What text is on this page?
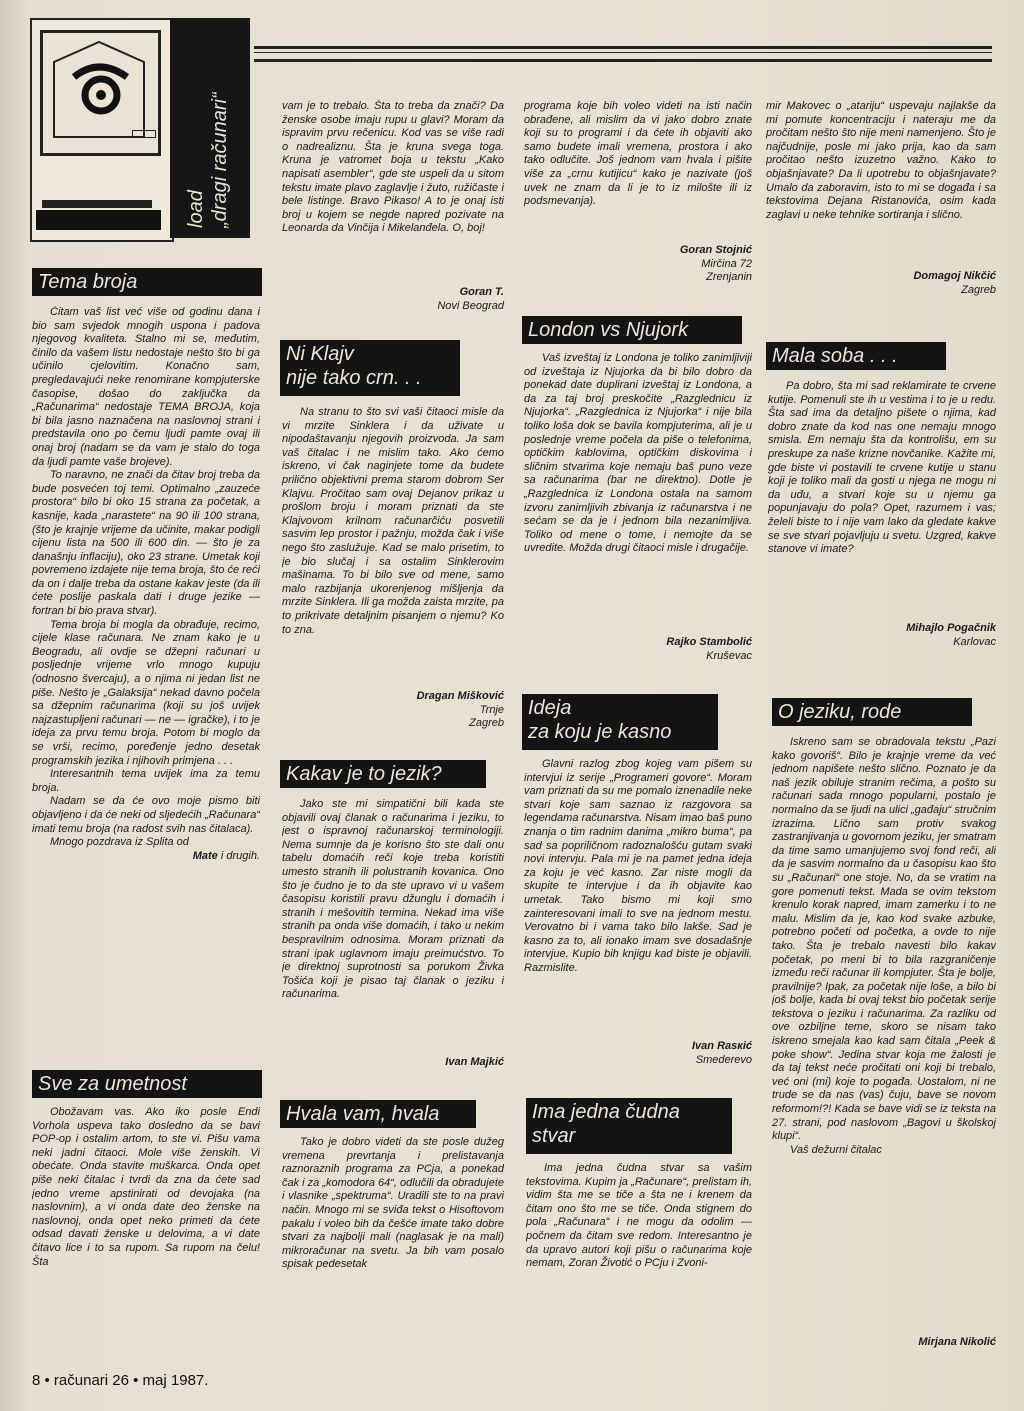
load
„dragi računari“
Tema broja

Čitam vaš list već više od godinu dana i bio sam svjedok mnogih uspona i padova njegovog kvaliteta. Stalno mi se, međutim, činilo da vašem listu nedostaje nešto što bi ga učinilo cjelovitim. Konačno sam, pregledavajući neke renomirane kompjuterske časopise, došao do zaključka da „Računarima“ nedostaje TEMA BROJA, koja bi bila jasno naznačena na naslovnoj strani i predstavila ono po čemu ljudi pamte ovaj ili onaj broj (nadam se da vam je stalo do toga da ljudi pamte vaše brojeve).

To naravno, ne znači da čitav broj treba da bude posvećen toj temi. Optimalno „zauzeće prostora“ bilo bi oko 15 strana za početak, a kasnije, kada „narastete“ na 90 ili 100 strana, (što je krajnje vrijeme da učinite, makar podigli cijenu lista na 500 ili 600 din. — što je za današnju inflaciju), oko 23 strane. Umetak koji povremeno izdajete nije tema broja, što će reći da on i dalje treba da ostane kakav jeste (da ili ćete poslije paskala dati i druge jezike — fortran bi bio prava stvar).

Tema broja bi mogla da obrađuje, recimo, cijele klase računara. Ne znam kako je u Beogradu, ali ovdje se džepni računari u posljednje vrijeme vrlo mnogo kupuju (odnosno švercaju), a o njima ni jedan list ne piše. Nešto je „Galaksija“ nekad davno počela sa džepnim računarima (koji su još uvijek najzastupljeni računari — ne — igračke), i to je ideja za prvu temu broja. Potom bi moglo da se vrši, recimo, poređenje jedno desetak programskih jezika i njihovih primjena . . .

Interesantnih tema uvijek ima za temu broja.

Nadam se da će ovo moje pismo biti objavljeno i da će neki od sljedećih „Računara“ imati temu broja (na radost svih nas čitalaca).

Mnogo pozdrava iz Splita od

Mate i drugih.
Sve za umetnost

Obožavam vas. Ako iko posle Endi Vorhola uspeva tako dosledno da se bavi POP-op i ostalim artom, to ste vi. Pišu vama neki jadni čitaoci. Mole više ženskih. Vi obećate. Onda stavite muškarca. Onda opet piše neki čitalac i tvrdi da zna da ćete sad jedno vreme apstinirati od devojaka (na naslovnim), a vi onda date deo ženske na naslovnoj, onda opet neko primeti da ćete odsad davati ženske u delovima, a vi date čitavo lice i to sa rupom. Sa rupom na čelu! Šta

8 • računari 26 • maj 1987.

vam je to trebalo. Šta to treba da znači? Da ženske osobe imaju rupu u glavi? Moram da ispravim prvu rečenicu. Kod vas se više radi o nadrealiznu. Šta je kruna svega toga. Kruna je vatromet boja u tekstu „Kako napisati asembler“, gde ste uspeli da u sitom tekstu imate plavo zaglavlje i žuto, ružičaste i bele listinge. Bravo Pikaso! A to je onaj isti broj u kojem se negde napred pozivate na Leonarda da Vinčija i Mikelanđela. O, boj!

Goran T.
Novi Beograd
Ni Klajv
nije tako crn. . .

Na stranu to što svi vaši čitaoci misle da vi mrzite Sinklera i da uživate u nipodaštavanju njegovih proizvoda. Ja sam vaš čitalac i ne mislim tako. Ako ćemo iskreno, vi čak naginjete tome da budete prilično objektivni prema starom dobrom Ser Klajvu. Pročitao sam ovaj Dejanov prikaz u prošlom broju i moram priznati da ste Klajvovom krilnom računarčiću posvetili sasvim lep prostor i pažnju, možda čak i više nego što zaslužuje. Kad se malo prisetim, to je bio slučaj i sa ostalim Sinklerovim mašinama. To bi bilo sve od mene, samo malo razbijanja ukorenjenog mišljenja da mrzite Sinklera. Ili ga možda zaista mrzite, pa to prikrivate detaljnim pisanjem o njemu? Ko to zna.

Dragan Mišković
Trnje
Zagreb
Kakav je to jezik?

Jako ste mi simpatični bili kada ste objavili ovaj članak o računarima i jeziku, to jest o ispravnoj računarskoj terminologiji. Nema sumnje da je korisno što ste dali onu tabelu domaćih reči koje treba koristiti umesto stranih ili polustranih kovanica. Ono što je čudno je to da ste upravo vi u vašem časopisu koristili pravu džunglu i domaćih i stranih i mešovitih termina. Nekad ima više stranih pa onda više domaćih, i tako u nekim bespravilnim odnosima. Moram priznati da strani ipak uglavnom imaju preimućstvo. To je direktnoj suprotnosti sa porukom Živka Tošića koji je pisao taj članak o jeziku i računarima.

Ivan Majkić
Hvala vam, hvala

Tako je dobro videti da ste posle dužeg vremena prevrtanja i prelistavanja raznoraznih programa za PCja, a ponekad čak i za „komodora 64“, odlučili da obradujete i vlasnike „spektruma“. Uradili ste to na pravi način. Mnogo mi se sviđa tekst o Hisoftovom pakalu i voleo bih da češće imate tako dobre stvari za najbolji mali (naglasak je na mali) mikroračunar na svetu. Ja bih vam posalo spisak pedesetak

programa koje bih voleo videti na isti način obrađene, ali mislim da vi jako dobro znate koji su to programi i da ćete ih objaviti ako samo budete imali vremena, prostora i ako tako odlučite. Još jednom vam hvala i pišite više za „crnu kutijicu“ kako je nazivate (još uvek ne znam da li je to iz milošte ili iz podsmevanja).

Goran Stojnić
Mirčina 72
Zrenjanin
London vs Njujork

Vaš izveštaj iz Londona je toliko zanimljiviji od izveštaja iz Njujorka da bi bilo dobro da ponekad date duplirani izveštaj iz Londona, a da za taj broj preskočite „Razglednicu iz Njujorka“. „Razglednica iz Njujorka“ i nije bila toliko loša dok se bavila kompjuterima, ali je u poslednje vreme počela da piše o telefonima, optičkim kablovima, optičkim diskovima i sličnim stvarima koje nemaju baš puno veze sa računarima (bar ne direktno). Dotle je „Razglednica iz Londona ostala na samom izvoru zanimljivih zbivanja iz računarstva i ne sećam se da je i jednom bila nezanimljiva. Toliko od mene o tome, i nemojte da se uvredite. Možda drugi čitaoci misle i drugačije.

Rajko Stambolić
Kruševac
Ideja
za koju je kasno

Glavni razlog zbog kojeg vam pišem su intervjui iz serije „Programeri govore“. Moram vam priznati da su me pomalo iznenadile neke stvari koje sam saznao iz razgovora sa legendama računarstva. Nisam imao baš puno znanja o tim radnim danima „mikro buma“, pa sad sa popriličnom radoznalošću gutam svaki novi intervju. Pala mi je na pamet jedna ideja za koju je već kasno. Zar niste mogli da skupite te intervjue i da ih objavite kao umetak. Tako bismo mi koji smo zainteresovani imali to sve na jednom mestu. Verovatno bi i vama tako bilo lakše. Sad je kasno za to, ali ionako imam sve dosadašnje intervjue. Kupio bih knjigu kad biste je objavili. Razmislite.

Ivan Rasкić
Smederevo
Ima jedna čudna
stvar

Ima jedna čudna stvar sa vašim tekstovima. Kupim ja „Računare“, prelistam ih, vidim šta me se tiče a šta ne i krenem da čitam ono što me se tiče. Onda stignem do pola „Računara“ i ne mogu da odolim — počnem da čitam sve redom. Interesantno je da upravo autori koji pišu o računarima koje nemam, Zoran Životić o PCju i Zvoni-

mir Makovec o „atariju“ uspevaju najlakše da mi pomute koncentraciju i nateraju me da pročitam nešto što nije meni namenjeno. Što je najčudnije, posle mi jako prija, kao da sam pročitao nešto izuzetno važno. Kako to objašnjavate? Da li upotrebu to objašnjavate? Umalo da zaboravim, isto to mi se događa i sa tekstovima Dejana Ristanovića, osim kada zaglavi u neke tehnike sortiranja i slično.

Domagoj Nikčić
Zagreb
Mala soba . . .

Pa dobro, šta mi sad reklamirate te crvene kutije. Pomenuli ste ih u vestima i to je u redu. Šta sad ima da detaljno pišete o njima, kad dobro znate da kod nas one nemaju mnogo smisla. Em nemaju šta da kontrolišu, em su preskupe za naše krizne novčanike. Kažite mi, gde biste vi postavili te crvene kutije u stanu koji je toliko mali da gosti u njega ne mogu ni da uđu, a stvari koje su u njemu ga popunjavaju do pola? Opet, razumem i vas; želeli biste to i nije vam lako da gledate kakve se sve stvari pojavljuju u svetu. Uzgred, kakve stanove vi imate?

Mihajlo Pogačnik
Karlovac
O jeziku, rode

Iskreno sam se obradovala tekstu „Pazi kako govoriš“. Bilo je krajnje vreme da već jednom napišete nešto slično. Poznato je da naš jezik obiluje stranim rečima, a pošto su računari sada mnogo popularni, postalo je normalno da se ljudi na ulici „gađaju“ stručnim izrazima. Lično sam protiv svakog zastranjivanja u govornom jeziku, jer smatram da time samo umanjujemo svoj fond reči, ali da je sasvim normalno da u časopisu kao što su „Računari“ one stoje. No, da se vratim na gore pomenuti tekst. Mada se ovim tekstom krenulo korak napred, imam zamerku i to ne malu. Mislim da je, kao kod svake azbuke, potrebno početi od početka, a ovde to nije tako. Šta je trebalo navesti bilo kakav početak, po meni bi to bila razgraničenje između reči računar ili kompjuter. Šta je bolje, pravilnije? Ipak, za početak nije loše, a bilo bi još bolje, kada bi ovaj tekst bio početak serije tekstova o jeziku i računarima. Za razliku od ove ozbiljne teme, skoro se nisam tako iskreno smejala kao kad sam čitala „Peek & poke show“. Jedina stvar koja me žalosti je da taj tekst neće pročitati oni koji bi trebalo, već oni (mi) koje to pogađa. Uostalom, ni ne trude se da nas (vas) čuju, bave se novom reformom!?! Kada se bave vidi se iz teksta na 27. strani, pod naslovom „Bagovi u školskoj klupi“.

Vaš dežurni čitalac

Mirjana Nikolić
